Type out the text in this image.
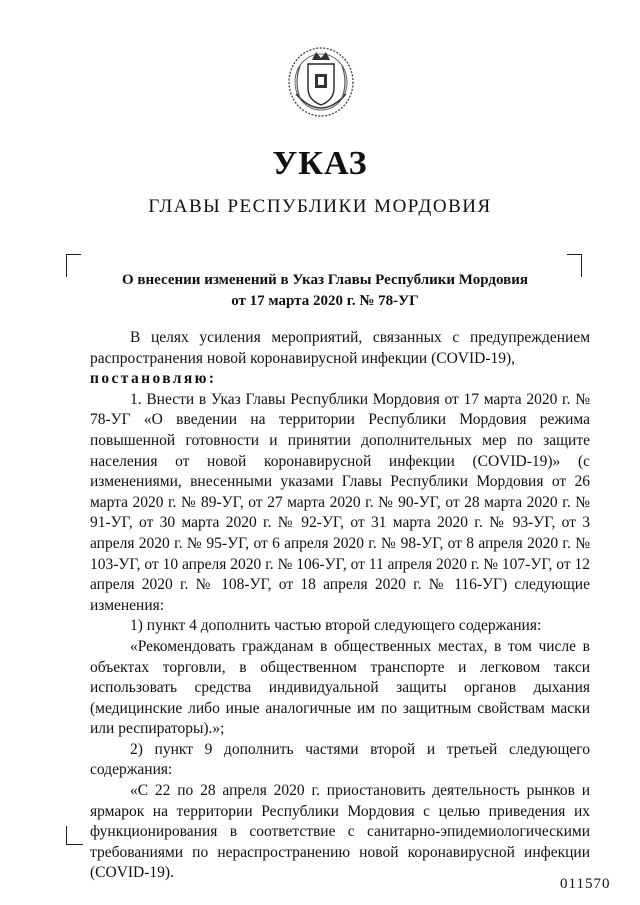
УКАЗ
ГЛАВЫ РЕСПУБЛИКИ МОРДОВИЯ
О внесении изменений в Указ Главы Республики Мордовия
от 17 марта 2020 г. № 78-УГ

В целях усиления мероприятий, связанных с предупреждением распространения новой коронавирусной инфекции (COVID-19),

постановляю:

1. Внести в Указ Главы Республики Мордовия от 17 марта 2020 г. № 78-УГ «О введении на территории Республики Мордовия режима повышенной готовности и принятии дополнительных мер по защите населения от новой коронавирусной инфекции (COVID-19)» (с изменениями, внесенными указами Главы Республики Мордовия от 26 марта 2020 г. № 89-УГ, от 27 марта 2020 г. № 90-УГ, от 28 марта 2020 г. № 91-УГ, от 30 марта 2020 г. № 92-УГ, от 31 марта 2020 г. № 93-УГ, от 3 апреля 2020 г. № 95-УГ, от 6 апреля 2020 г. № 98-УГ, от 8 апреля 2020 г. № 103-УГ, от 10 апреля 2020 г. № 106-УГ, от 11 апреля 2020 г. № 107-УГ, от 12 апреля 2020 г. № 108-УГ, от 18 апреля 2020 г. № 116-УГ) следующие изменения:

1) пункт 4 дополнить частью второй следующего содержания:

«Рекомендовать гражданам в общественных местах, в том числе в объектах торговли, в общественном транспорте и легковом такси использовать средства индивидуальной защиты органов дыхания (медицинские либо иные аналогичные им по защитным свойствам маски или респираторы).»;

2) пункт 9 дополнить частями второй и третьей следующего содержания:

«С 22 по 28 апреля 2020 г. приостановить деятельность рынков и ярмарок на территории Республики Мордовия с целью приведения их функционирования в соответствие с санитарно-эпидемиологическими требованиями по нераспространению новой коронавирусной инфекции (COVID-19).

011570
